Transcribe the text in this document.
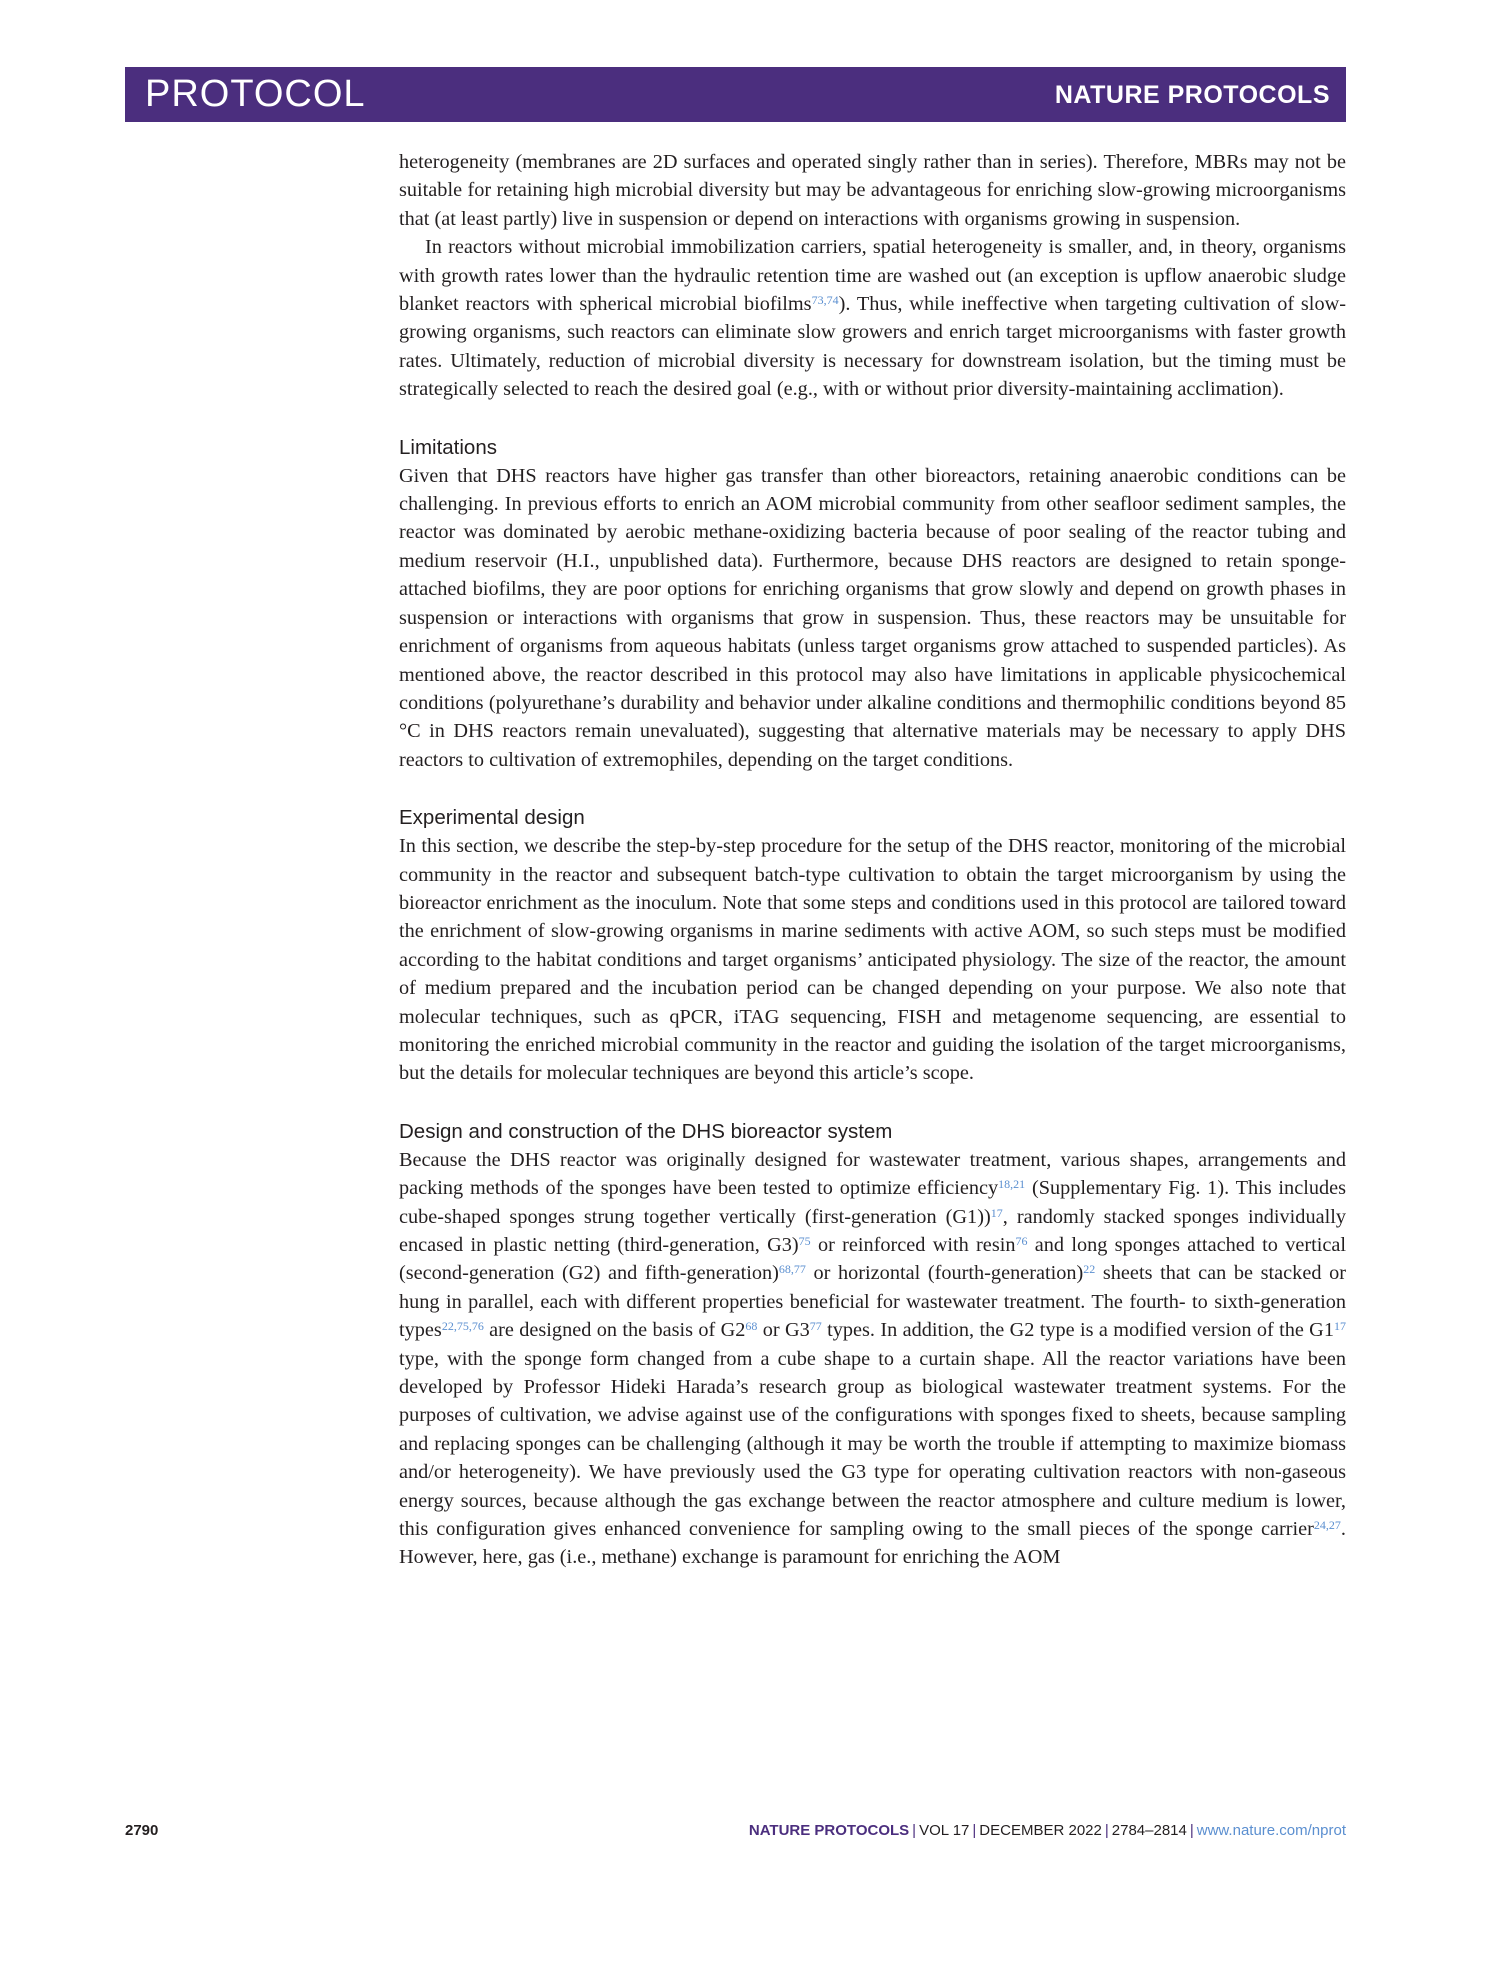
PROTOCOL	NATURE PROTOCOLS

heterogeneity (membranes are 2D surfaces and operated singly rather than in series). Therefore, MBRs may not be suitable for retaining high microbial diversity but may be advantageous for enriching slow-growing microorganisms that (at least partly) live in suspension or depend on interactions with organisms growing in suspension.

In reactors without microbial immobilization carriers, spatial heterogeneity is smaller, and, in theory, organisms with growth rates lower than the hydraulic retention time are washed out (an exception is upflow anaerobic sludge blanket reactors with spherical microbial biofilms$^{73,74}$). Thus, while ineffective when targeting cultivation of slow-growing organisms, such reactors can eliminate slow growers and enrich target microorganisms with faster growth rates. Ultimately, reduction of microbial diversity is necessary for downstream isolation, but the timing must be strategically selected to reach the desired goal (e.g., with or without prior diversity-maintaining acclimation).

Limitations

Given that DHS reactors have higher gas transfer than other bioreactors, retaining anaerobic conditions can be challenging. In previous efforts to enrich an AOM microbial community from other seafloor sediment samples, the reactor was dominated by aerobic methane-oxidizing bacteria because of poor sealing of the reactor tubing and medium reservoir (H.I., unpublished data). Furthermore, because DHS reactors are designed to retain sponge-attached biofilms, they are poor options for enriching organisms that grow slowly and depend on growth phases in suspension or interactions with organisms that grow in suspension. Thus, these reactors may be unsuitable for enrichment of organisms from aqueous habitats (unless target organisms grow attached to suspended particles). As mentioned above, the reactor described in this protocol may also have limitations in applicable physicochemical conditions (polyurethane’s durability and behavior under alkaline conditions and thermophilic conditions beyond 85 °C in DHS reactors remain unevaluated), suggesting that alternative materials may be necessary to apply DHS reactors to cultivation of extremophiles, depending on the target conditions.

Experimental design

In this section, we describe the step-by-step procedure for the setup of the DHS reactor, monitoring of the microbial community in the reactor and subsequent batch-type cultivation to obtain the target microorganism by using the bioreactor enrichment as the inoculum. Note that some steps and conditions used in this protocol are tailored toward the enrichment of slow-growing organisms in marine sediments with active AOM, so such steps must be modified according to the habitat conditions and target organisms’ anticipated physiology. The size of the reactor, the amount of medium prepared and the incubation period can be changed depending on your purpose. We also note that molecular techniques, such as qPCR, iTAG sequencing, FISH and metagenome sequencing, are essential to monitoring the enriched microbial community in the reactor and guiding the isolation of the target microorganisms, but the details for molecular techniques are beyond this article’s scope.

Design and construction of the DHS bioreactor system

Because the DHS reactor was originally designed for wastewater treatment, various shapes, arrangements and packing methods of the sponges have been tested to optimize efficiency$^{18,21}$ (Supplementary Fig. 1). This includes cube-shaped sponges strung together vertically (first-generation (G1))$^{17}$, randomly stacked sponges individually encased in plastic netting (third-generation, G3)$^{75}$ or reinforced with resin$^{76}$ and long sponges attached to vertical (second-generation (G2) and fifth-generation)$^{68,77}$ or horizontal (fourth-generation)$^{22}$ sheets that can be stacked or hung in parallel, each with different properties beneficial for wastewater treatment. The fourth- to sixth-generation types$^{22,75,76}$ are designed on the basis of $G2^{68}$ or $G3^{77}$ types. In addition, the G2 type is a modified version of the $G1^{17}$ type, with the sponge form changed from a cube shape to a curtain shape. All the reactor variations have been developed by Professor Hideki Harada’s research group as biological wastewater treatment systems. For the purposes of cultivation, we advise against use of the configurations with sponges fixed to sheets, because sampling and replacing sponges can be challenging (although it may be worth the trouble if attempting to maximize biomass and/or heterogeneity). We have previously used the G3 type for operating cultivation reactors with non-gaseous energy sources, because although the gas exchange between the reactor atmosphere and culture medium is lower, this configuration gives enhanced convenience for sampling owing to the small pieces of the sponge carrier$^{24,27}$. However, here, gas (i.e., methane) exchange is paramount for enriching the AOM

2790	NATURE PROTOCOLS | VOL 17 | DECEMBER 2022 | 2784–2814 | www.nature.com/nprot
